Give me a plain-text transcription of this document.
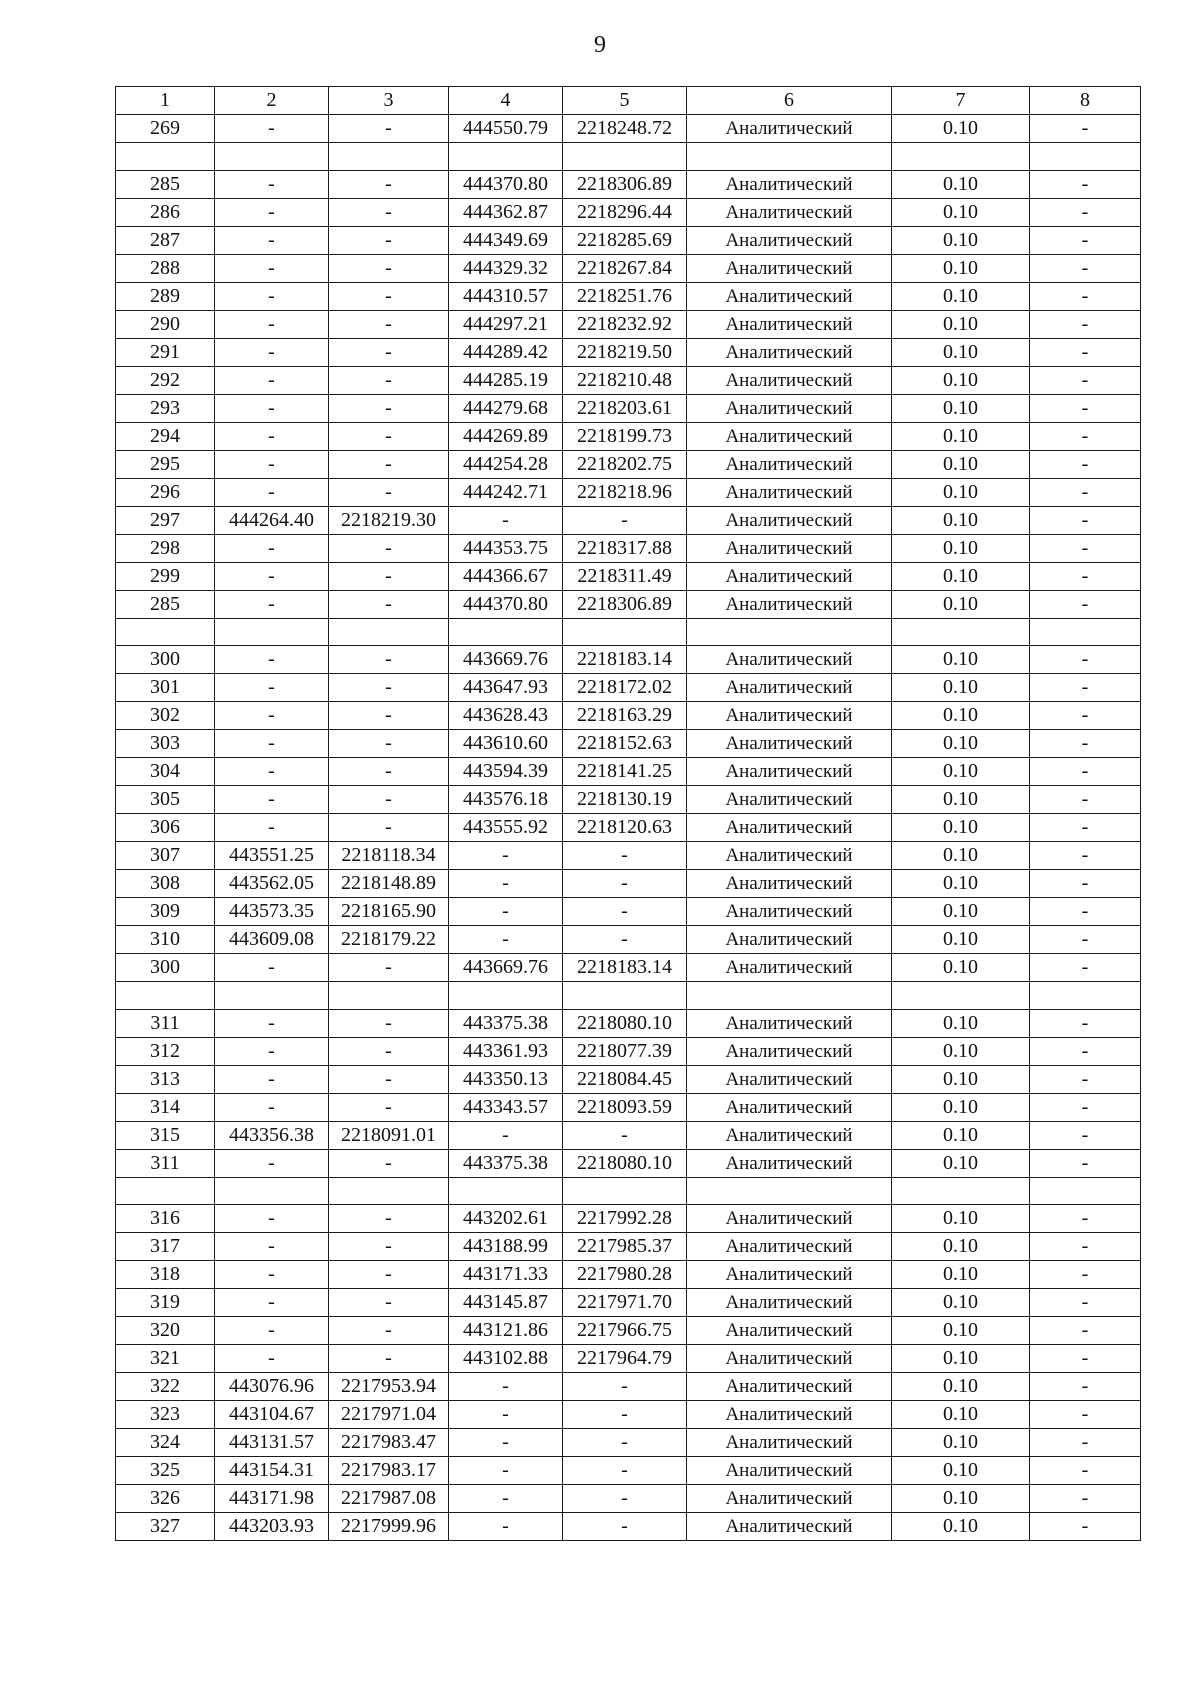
9
1	2	3	4	5	6	7	8
269	-	-	444550.79	2218248.72	Аналитический	0.10	-

285	-	-	444370.80	2218306.89	Аналитический	0.10	-
286	-	-	444362.87	2218296.44	Аналитический	0.10	-
287	-	-	444349.69	2218285.69	Аналитический	0.10	-
288	-	-	444329.32	2218267.84	Аналитический	0.10	-
289	-	-	444310.57	2218251.76	Аналитический	0.10	-
290	-	-	444297.21	2218232.92	Аналитический	0.10	-
291	-	-	444289.42	2218219.50	Аналитический	0.10	-
292	-	-	444285.19	2218210.48	Аналитический	0.10	-
293	-	-	444279.68	2218203.61	Аналитический	0.10	-
294	-	-	444269.89	2218199.73	Аналитический	0.10	-
295	-	-	444254.28	2218202.75	Аналитический	0.10	-
296	-	-	444242.71	2218218.96	Аналитический	0.10	-
297	444264.40	2218219.30	-	-	Аналитический	0.10	-
298	-	-	444353.75	2218317.88	Аналитический	0.10	-
299	-	-	444366.67	2218311.49	Аналитический	0.10	-
285	-	-	444370.80	2218306.89	Аналитический	0.10	-

300	-	-	443669.76	2218183.14	Аналитический	0.10	-
301	-	-	443647.93	2218172.02	Аналитический	0.10	-
302	-	-	443628.43	2218163.29	Аналитический	0.10	-
303	-	-	443610.60	2218152.63	Аналитический	0.10	-
304	-	-	443594.39	2218141.25	Аналитический	0.10	-
305	-	-	443576.18	2218130.19	Аналитический	0.10	-
306	-	-	443555.92	2218120.63	Аналитический	0.10	-
307	443551.25	2218118.34	-	-	Аналитический	0.10	-
308	443562.05	2218148.89	-	-	Аналитический	0.10	-
309	443573.35	2218165.90	-	-	Аналитический	0.10	-
310	443609.08	2218179.22	-	-	Аналитический	0.10	-
300	-	-	443669.76	2218183.14	Аналитический	0.10	-

311	-	-	443375.38	2218080.10	Аналитический	0.10	-
312	-	-	443361.93	2218077.39	Аналитический	0.10	-
313	-	-	443350.13	2218084.45	Аналитический	0.10	-
314	-	-	443343.57	2218093.59	Аналитический	0.10	-
315	443356.38	2218091.01	-	-	Аналитический	0.10	-
311	-	-	443375.38	2218080.10	Аналитический	0.10	-

316	-	-	443202.61	2217992.28	Аналитический	0.10	-
317	-	-	443188.99	2217985.37	Аналитический	0.10	-
318	-	-	443171.33	2217980.28	Аналитический	0.10	-
319	-	-	443145.87	2217971.70	Аналитический	0.10	-
320	-	-	443121.86	2217966.75	Аналитический	0.10	-
321	-	-	443102.88	2217964.79	Аналитический	0.10	-
322	443076.96	2217953.94	-	-	Аналитический	0.10	-
323	443104.67	2217971.04	-	-	Аналитический	0.10	-
324	443131.57	2217983.47	-	-	Аналитический	0.10	-
325	443154.31	2217983.17	-	-	Аналитический	0.10	-
326	443171.98	2217987.08	-	-	Аналитический	0.10	-
327	443203.93	2217999.96	-	-	Аналитический	0.10	-
